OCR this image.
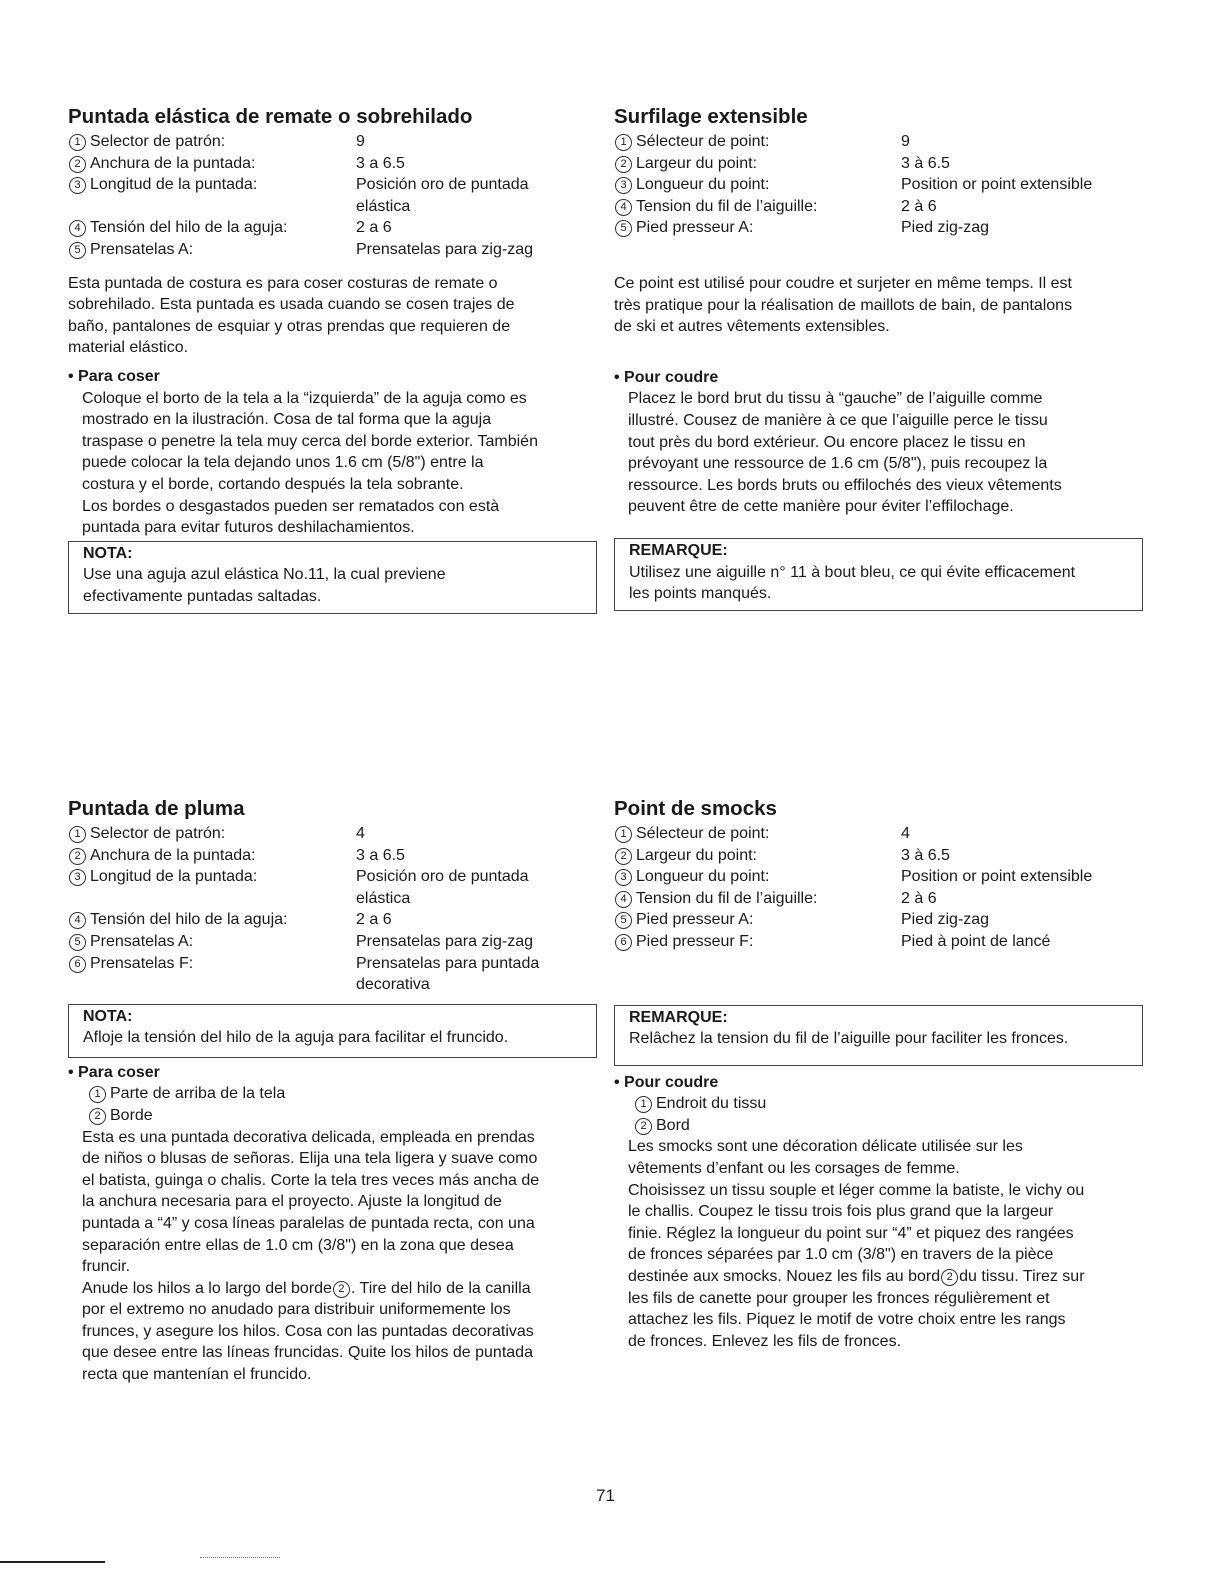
Puntada elástica de remate o sobrehilado
1 Selector de patrón:	9
2 Anchura de la puntada:	3 a 6.5
3 Longitud de la puntada:	Posición oro de puntada
elástica
4 Tensión del hilo de la aguja:	2 a 6
5 Prensatelas A:	Prensatelas para zig-zag

Esta puntada de costura es para coser costuras de remate o
sobrehilado. Esta puntada es usada cuando se cosen trajes de
baño, pantalones de esquiar y otras prendas que requieren de
material elástico.

• Para coser

Coloque el borto de la tela a la “izquierda” de la aguja como es
mostrado en la ilustración. Cosa de tal forma que la aguja
traspase o penetre la tela muy cerca del borde exterior. También
puede colocar la tela dejando unos 1.6 cm (5/8") entre la
costura y el borde, cortando después la tela sobrante.
Los bordes o desgastados pueden ser rematados con està
puntada para evitar futuros deshilachamientos.

NOTA:
Use una aguja azul elástica No.11, la cual previene
efectivamente puntadas saltadas.
Surfilage extensible
1 Sélecteur de point:	9
2 Largeur du point:	3 à 6.5
3 Longueur du point:	Position or point extensible
4 Tension du fil de l’aiguille:	2 à 6
5 Pied presseur A:	Pied zig-zag

Ce point est utilisé pour coudre et surjeter en même temps. Il est
très pratique pour la réalisation de maillots de bain, de pantalons
de ski et autres vêtements extensibles.

• Pour coudre

Placez le bord brut du tissu à “gauche” de l’aiguille comme
illustré. Cousez de manière à ce que l’aiguille perce le tissu
tout près du bord extérieur. Ou encore placez le tissu en
prévoyant une ressource de 1.6 cm (5/8"), puis recoupez la
ressource. Les bords bruts ou effilochés des vieux vêtements
peuvent être de cette manière pour éviter l’effilochage.

REMARQUE:
Utilisez une aiguille n° 11 à bout bleu, ce qui évite efficacement
les points manqués.
Puntada de pluma
1 Selector de patrón:	4
2 Anchura de la puntada:	3 a 6.5
3 Longitud de la puntada:	Posición oro de puntada
elástica
4 Tensión del hilo de la aguja:	2 a 6
5 Prensatelas A:	Prensatelas para zig-zag
6 Prensatelas F:	Prensatelas para puntada
decorativa
NOTA:
Afloje la tensión del hilo de la aguja para facilitar el fruncido.

• Para coser

1 Parte de arriba de la tela
2 Borde

Esta es una puntada decorativa delicada, empleada en prendas
de niños o blusas de señoras. Elija una tela ligera y suave como
el batista, guinga o chalis. Corte la tela tres veces más ancha de
la anchura necesaria para el proyecto. Ajuste la longitud de
puntada a “4” y cosa líneas paralelas de puntada recta, con una
separación entre ellas de 1.0 cm (3/8") en la zona que desea
fruncir.

Anude los hilos a lo largo del borde 2 . Tire del hilo de la canilla
por el extremo no anudado para distribuir uniformemente los
frunces, y asegure los hilos. Cosa con las puntadas decorativas
que desee entre las líneas fruncidas. Quite los hilos de puntada
recta que mantenían el fruncido.

Point de smocks
1 Sélecteur de point:	4
2 Largeur du point:	3 à 6.5
3 Longueur du point:	Position or point extensible
4 Tension du fil de l’aiguille:	2 à 6
5 Pied presseur A:	Pied zig-zag
6 Pied presseur F:	Pied à point de lancé
REMARQUE:
Relâchez la tension du fil de l’aiguille pour faciliter les fronces.

• Pour coudre

1 Endroit du tissu
2 Bord

Les smocks sont une décoration délicate utilisée sur les
vêtements d’enfant ou les corsages de femme.

Choisissez un tissu souple et léger comme la batiste, le vichy ou
le challis. Coupez le tissu trois fois plus grand que la largeur
finie. Réglez la longueur du point sur “4” et piquez des rangées
de fronces séparées par 1.0 cm (3/8") en travers de la pièce
destinée aux smocks. Nouez les fils au bord 2 du tissu. Tirez sur
les fils de canette pour grouper les fronces régulièrement et
attachez les fils. Piquez le motif de votre choix entre les rangs
de fronces. Enlevez les fils de fronces.

71
